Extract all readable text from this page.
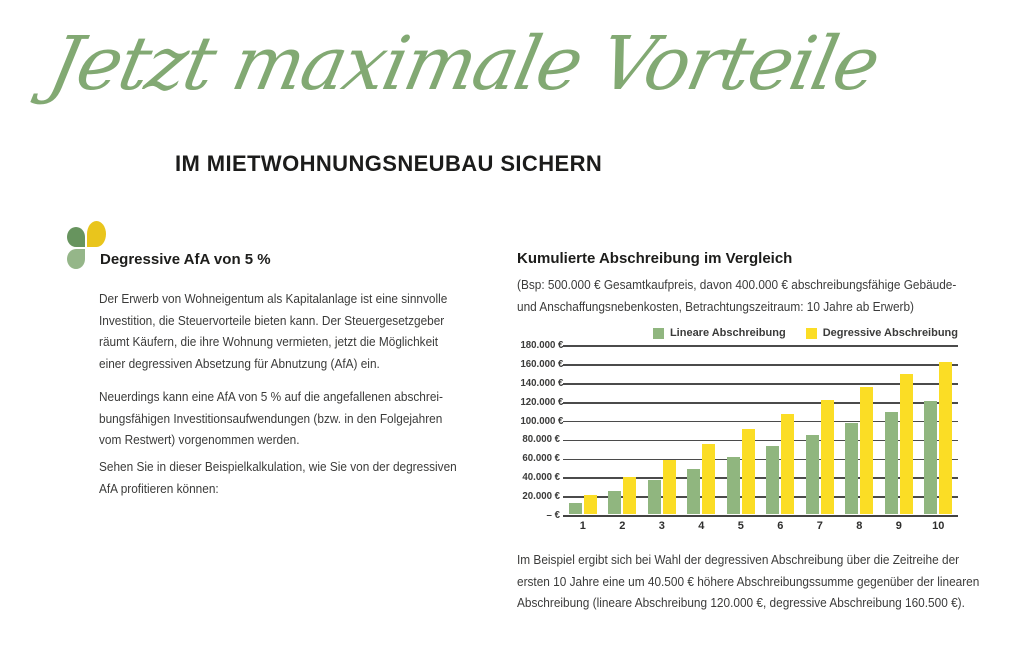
Jetzt maximale Vorteile
IM MIETWOHNUNGSNEUBAU SICHERN
Degressive AfA von 5 %
Der Erwerb von Wohneigentum als Kapitalanlage ist eine sinnvolle
Investition, die Steuervorteile bieten kann. Der Steuergesetzgeber
räumt Käufern, die ihre Wohnung vermieten, jetzt die Möglichkeit
einer degressiven Absetzung für Abnutzung (AfA) ein.
Neuerdings kann eine AfA von 5 % auf die angefallenen abschrei-
bungsfähigen Investitionsaufwendungen (bzw. in den Folgejahren
vom Restwert) vorgenommen werden.
Sehen Sie in dieser Beispielkalkulation, wie Sie von der degressiven
AfA profitieren können:
Kumulierte Abschreibung im Vergleich
(Bsp: 500.000 € Gesamtkaufpreis, davon 400.000 € abschreibungsfähige Gebäude-
und Anschaffungsnebenkosten, Betrachtungszeitraum: 10 Jahre ab Erwerb)
Lineare Abschreibung	Degressive Abschreibung
180.000 €
160.000 €
140.000 €
120.000 €
100.000 €
80.000 €
60.000 €
40.000 €
20.000 €
– €
1	2	3	4	5	6	7	8	9	10
Im Beispiel ergibt sich bei Wahl der degressiven Abschreibung über die Zeitreihe der
ersten 10 Jahre eine um 40.500 € höhere Abschreibungssumme gegenüber der linearen
Abschreibung (lineare Abschreibung 120.000 €, degressive Abschreibung 160.500 €).
